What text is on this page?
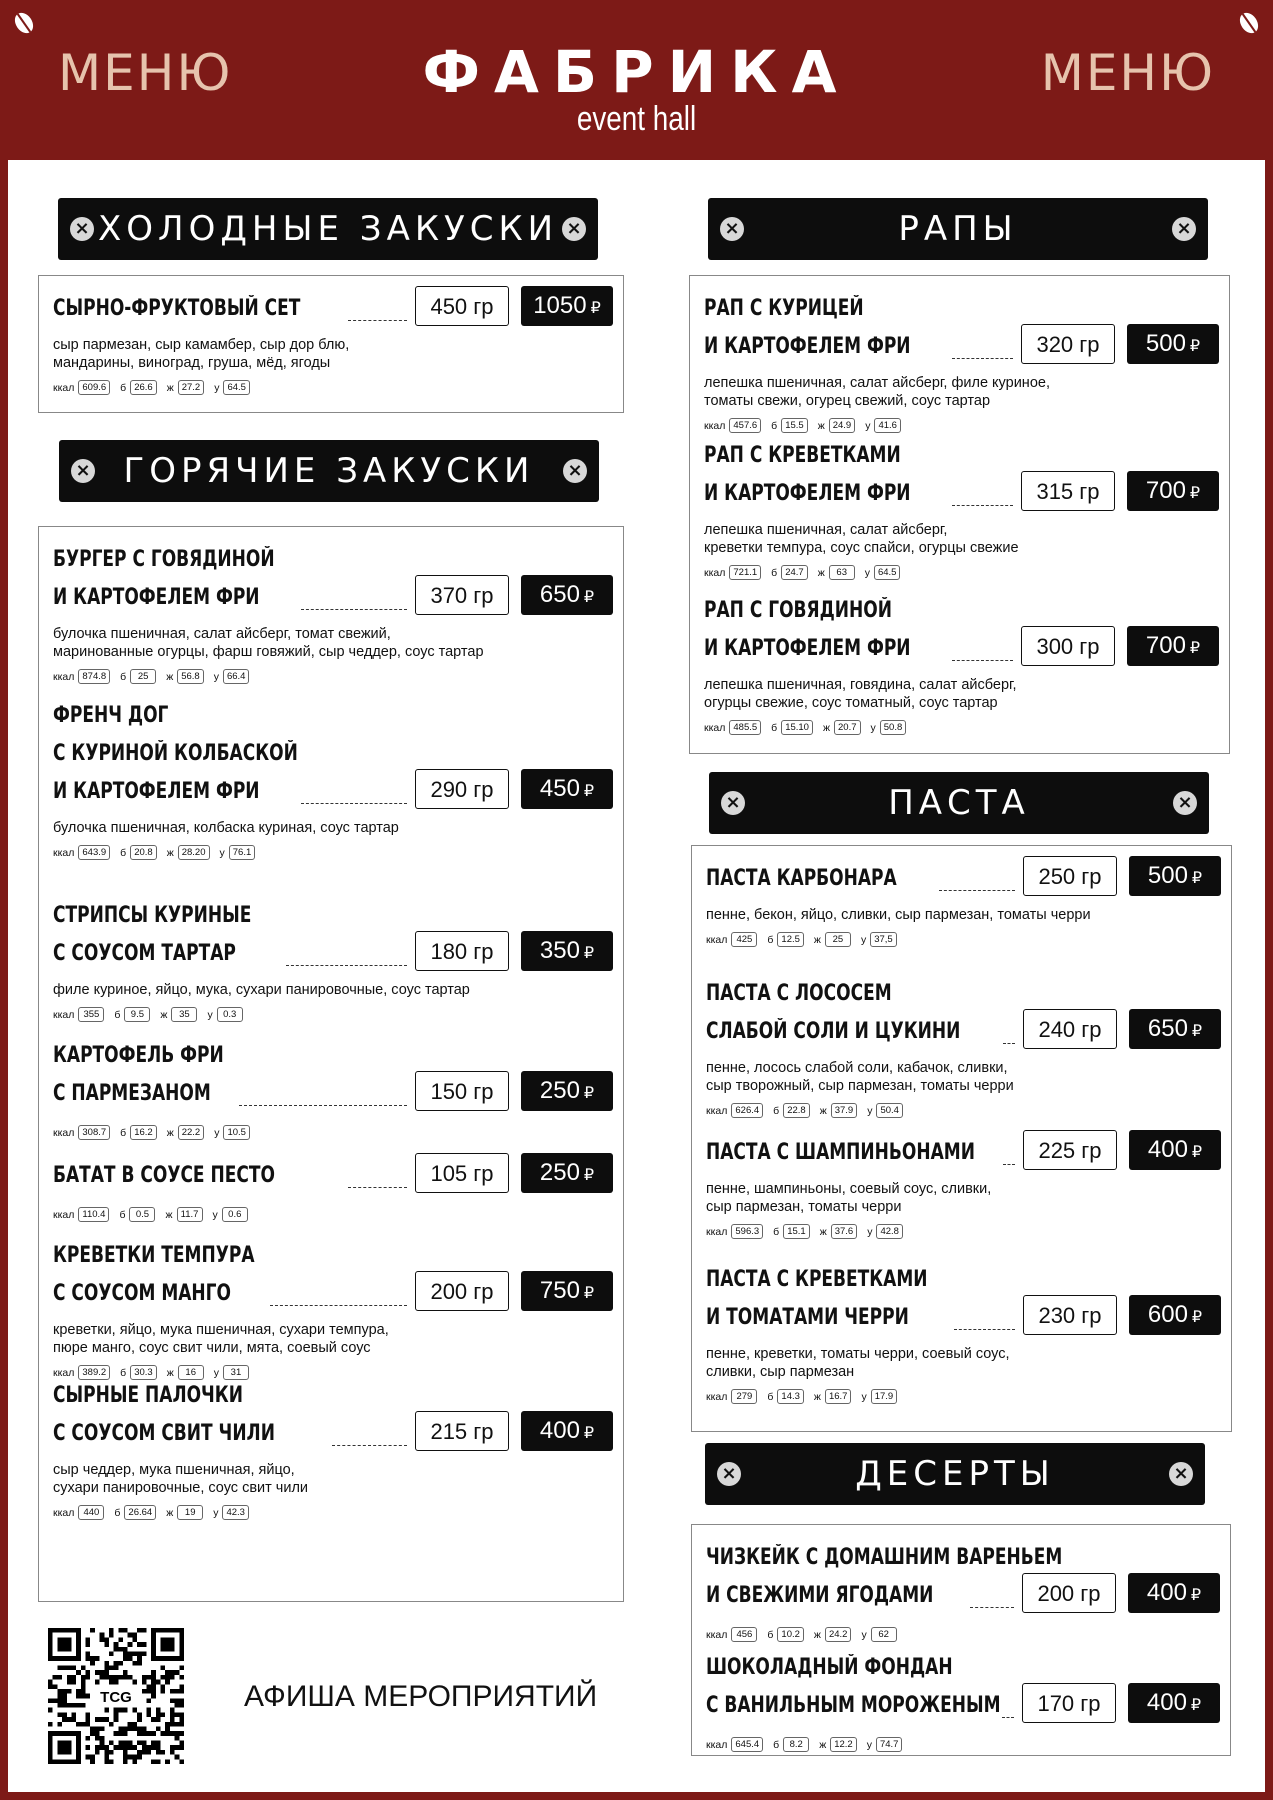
МЕНЮ	ФАБРИКА
event hall
МЕНЮ
× ХОЛОДНЫЕ ЗАКУСКИ ×
СЫРНО-ФРУКТОВЫЙ СЕТ	450 гр	1050 ₽
сыр пармезан, сыр камамбер, сыр дор блю,
мандарины, виноград, груша, мёд, ягоды
ккал 609.6	б 26.6	ж 27.2	у 64.5
× ГОРЯЧИЕ ЗАКУСКИ ×
БУРГЕР С ГОВЯДИНОЙ
И КАРТОФЕЛЕМ ФРИ	370 гр	650 ₽
булочка пшеничная, салат айсберг, томат свежий,
маринованные огурцы, фарш говяжий, сыр чеддер, соус тартар
ккал 874.8	б	25	ж 56.8	у 66.4
ФРЕНЧ ДОГ
С КУРИНОЙ КОЛБАСКОЙ
И КАРТОФЕЛЕМ ФРИ	290 гр	450 ₽
булочка пшеничная, колбаска куриная, соус тартар
ккал 643.9	б 20.8	ж 28.20	у 76.1
СТРИПСЫ КУРИНЫЕ
С СОУСОМ ТАРТАР	180 гр	350 ₽
филе куриное, яйцо, мука, сухари панировочные, соус тартар
ккал 355	б	9.5	ж	35	у	0.3
КАРТОФЕЛЬ ФРИ
С ПАРМЕЗАНОМ	150 гр	250 ₽
ккал 308.7	б 16.2	ж 22.2	у 10.5
БАТАТ В СОУСЕ ПЕСТО	105 гр	250 ₽
ккал 110.4	б	0.5	ж 11.7	у	0.6
КРЕВЕТКИ ТЕМПУРА
С СОУСОМ МАНГО	200 гр	750 ₽
креветки, яйцо, мука пшеничная, сухари темпура,
пюре манго, соус свит чили, мята, соевый соус
ккал 389.2	б 30.3	ж	16	у	31
СЫРНЫЕ ПАЛОЧКИ
С СОУСОМ СВИТ ЧИЛИ	215 гр	400 ₽
сыр чеддер, мука пшеничная, яйцо,
сухари панировочные, соус свит чили
ккал 440	б 26.64	ж	19	у 42.3
×	РАПЫ	×
РАП С КУРИЦЕЙ
И КАРТОФЕЛЕМ ФРИ	320 гр	500 ₽
лепешка пшеничная, салат айсберг, филе куриное,
томаты свежи, огурец свежий, соус тартар
ккал 457.6	б 15.5	ж 24.9	у 41.6
РАП С КРЕВЕТКАМИ
И КАРТОФЕЛЕМ ФРИ	315 гр	700 ₽
лепешка пшеничная, салат айсберг,
креветки темпура, соус спайси, огурцы свежие
ккал 721.1	б 24.7	ж	63	у 64.5
РАП С ГОВЯДИНОЙ
И КАРТОФЕЛЕМ ФРИ	300 гр	700 ₽
лепешка пшеничная, говядина, салат айсберг,
огурцы свежие, соус томатный, соус тартар
ккал 485.5	б 15.10	ж 20.7	у 50.8
×	ПАСТА	×
ПАСТА КАРБОНАРА	250 гр	500 ₽
пенне, бекон, яйцо, сливки, сыр пармезан, томаты черри
ккал 425	б 12.5	ж	25	у 37,5
ПАСТА С ЛОСОСЕМ
СЛАБОЙ СОЛИ И ЦУКИНИ	240 гр	650 ₽
пенне, лосось слабой соли, кабачок, сливки,
сыр творожный, сыр пармезан, томаты черри
ккал 626.4	б 22.8	ж 37.9	у 50.4
ПАСТА С ШАМПИНЬОНАМИ	225 гр	400 ₽
пенне, шампиньоны, соевый соус, сливки,
сыр пармезан, томаты черри
ккал 596.3	б 15.1	ж 37.6	у 42.8
ПАСТА С КРЕВЕТКАМИ
И ТОМАТАМИ ЧЕРРИ	230 гр	600 ₽
пенне, креветки, томаты черри, соевый соус,
сливки, сыр пармезан
ккал 279	б 14.3	ж 16.7	у 17.9
×	ДЕСЕРТЫ	×
ЧИЗКЕЙК С ДОМАШНИМ ВАРЕНЬЕМ
И СВЕЖИМИ ЯГОДАМИ	200 гр	400 ₽
ккал 456	б 10.2	ж 24.2	у	62
ШОКОЛАДНЫЙ ФОНДАН
С ВАНИЛЬНЫМ МОРОЖЕНЫМ	170 гр	400 ₽
ккал 645.4	б	8.2	ж 12.2	у 74.7
TCG	АФИША МЕРОПРИЯТИЙ
